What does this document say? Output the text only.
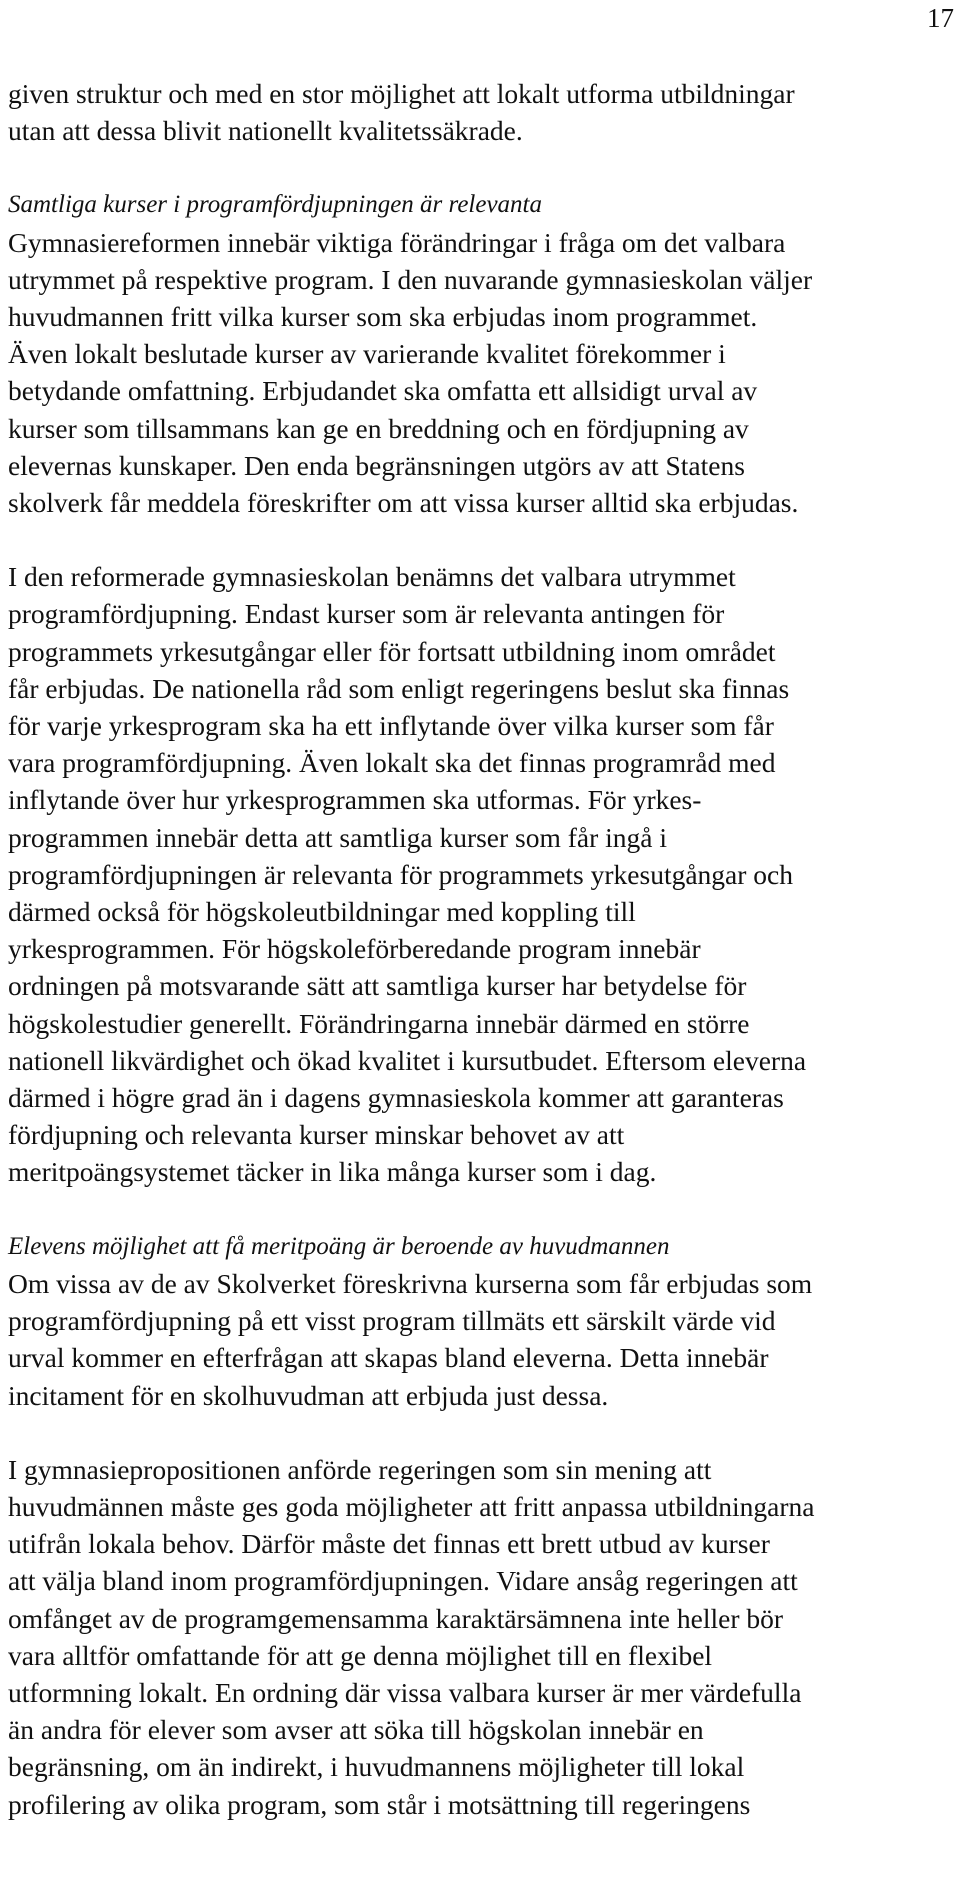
17

given struktur och med en stor möjlighet att lokalt utforma utbildningar
utan att dessa blivit nationellt kvalitetssäkrade.

Samtliga kurser i programfördjupningen är relevanta

Gymnasiereformen innebär viktiga förändringar i fråga om det valbara
utrymmet på respektive program. I den nuvarande gymnasieskolan väljer
huvudmannen fritt vilka kurser som ska erbjudas inom programmet.
Även lokalt beslutade kurser av varierande kvalitet förekommer i
betydande omfattning. Erbjudandet ska omfatta ett allsidigt urval av
kurser som tillsammans kan ge en breddning och en fördjupning av
elevernas kunskaper. Den enda begränsningen utgörs av att Statens
skolverk får meddela föreskrifter om att vissa kurser alltid ska erbjudas.

I den reformerade gymnasieskolan benämns det valbara utrymmet
programfördjupning. Endast kurser som är relevanta antingen för
programmets yrkesutgångar eller för fortsatt utbildning inom området
får erbjudas. De nationella råd som enligt regeringens beslut ska finnas
för varje yrkesprogram ska ha ett inflytande över vilka kurser som får
vara programfördjupning. Även lokalt ska det finnas programråd med
inflytande över hur yrkesprogrammen ska utformas. För yrkes-
programmen innebär detta att samtliga kurser som får ingå i
programfördjupningen är relevanta för programmets yrkesutgångar och
därmed också för högskoleutbildningar med koppling till
yrkesprogrammen. För högskoleförberedande program innebär
ordningen på motsvarande sätt att samtliga kurser har betydelse för
högskolestudier generellt. Förändringarna innebär därmed en större
nationell likvärdighet och ökad kvalitet i kursutbudet. Eftersom eleverna
därmed i högre grad än i dagens gymnasieskola kommer att garanteras
fördjupning och relevanta kurser minskar behovet av att
meritpoängsystemet täcker in lika många kurser som i dag.

Elevens möjlighet att få meritpoäng är beroende av huvudmannen

Om vissa av de av Skolverket föreskrivna kurserna som får erbjudas som
programfördjupning på ett visst program tillmäts ett särskilt värde vid
urval kommer en efterfrågan att skapas bland eleverna. Detta innebär
incitament för en skolhuvudman att erbjuda just dessa.

I gymnasiepropositionen anförde regeringen som sin mening att
huvudmännen måste ges goda möjligheter att fritt anpassa utbildningarna
utifrån lokala behov. Därför måste det finnas ett brett utbud av kurser
att välja bland inom programfördjupningen. Vidare ansåg regeringen att
omfånget av de programgemensamma karaktärsämnena inte heller bör
vara alltför omfattande för att ge denna möjlighet till en flexibel
utformning lokalt. En ordning där vissa valbara kurser är mer värdefulla
än andra för elever som avser att söka till högskolan innebär en
begränsning, om än indirekt, i huvudmannens möjligheter till lokal
profilering av olika program, som står i motsättning till regeringens
